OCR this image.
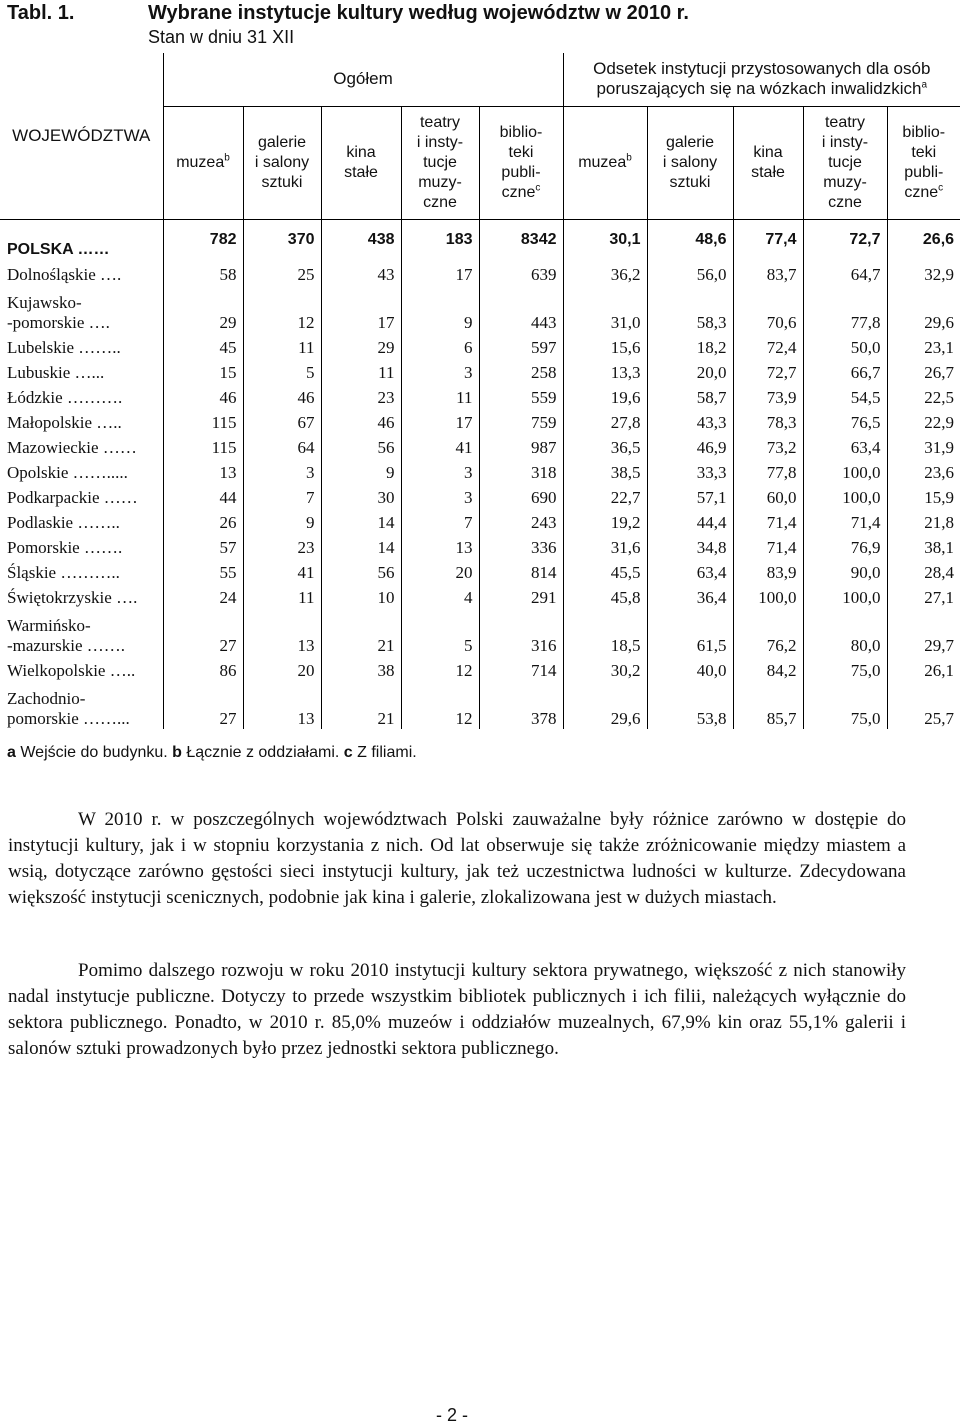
Tabl. 1.	Wybrane instytucje kultury według województw w 2010 r.
Stan w dniu 31 XII
WOJEWÓDZTWA	Ogółem					Odsetek instytucji przystosowanych dla osób
poruszających się na wózkach inwalidzkich$^a$
	muzea$^b$	galerie
i salony
sztuki	kina
stałe	teatry
i insty-
tucje
muzy-
czne	biblio-
teki
publi-
czne$^c$	muzea$^b$	galerie
i salony
sztuki	kina
stałe	teatry
i insty-
tucje
muzy-
czne	biblio-
teki
publi-
czne$^c$
POLSKA ……	782	370	438	183	8342	30,1	48,6	77,4	72,7	26,6
Dolnośląskie ….	58	25	43	17	639	36,2	56,0	83,7	64,7	32,9
Kujawsko-
-pomorskie ….	29	12	17	9	443	31,0	58,3	70,6	77,8	29,6
Lubelskie ……..	45	11	29	6	597	15,6	18,2	72,4	50,0	23,1
Lubuskie …...	15	5	11	3	258	13,3	20,0	72,7	66,7	26,7
Łódzkie ……….	46	46	23	11	559	19,6	58,7	73,9	54,5	22,5
Małopolskie …..	115	67	46	17	759	27,8	43,3	78,3	76,5	22,9
Mazowieckie ……	115	64	56	41	987	36,5	46,9	73,2	63,4	31,9
Opolskie …….....	13	3	9	3	318	38,5	33,3	77,8	100,0	23,6
Podkarpackie ……	44	7	30	3	690	22,7	57,1	60,0	100,0	15,9
Podlaskie ……..	26	9	14	7	243	19,2	44,4	71,4	71,4	21,8
Pomorskie …….	57	23	14	13	336	31,6	34,8	71,4	76,9	38,1
Śląskie ………..	55	41	56	20	814	45,5	63,4	83,9	90,0	28,4
Świętokrzyskie ….	24	11	10	4	291	45,8	36,4	100,0	100,0	27,1
Warmińsko-
-mazurskie …….	27	13	21	5	316	18,5	61,5	76,2	80,0	29,7
Wielkopolskie …..	86	20	38	12	714	30,2	40,0	84,2	75,0	26,1
Zachodnio-
pomorskie ……...	27	13	21	12	378	29,6	53,8	85,7	75,0	25,7
a Wejście do budynku. b Łącznie z oddziałami. c Z filiami.
W 2010 r. w poszczególnych województwach Polski zauważalne były różnice zarówno w dostępie do instytucji kultury, jak i w stopniu korzystania z nich. Od lat obserwuje się także zróżnicowanie między miastem a wsią, dotyczące zarówno gęstości sieci instytucji kultury, jak też uczestnictwa ludności w kulturze. Zdecydowana większość instytucji scenicznych, podobnie jak kina i galerie, zlokalizowana jest w dużych miastach.
Pomimo dalszego rozwoju w roku 2010 instytucji kultury sektora prywatnego, większość z nich stanowiły nadal instytucje publiczne. Dotyczy to przede wszystkim bibliotek publicznych i ich filii, należących wyłącznie do sektora publicznego. Ponadto, w 2010 r. 85,0% muzeów i oddziałów muzealnych, 67,9% kin oraz 55,1% galerii i salonów sztuki prowadzonych było przez jednostki sektora publicznego.
- 2 -
